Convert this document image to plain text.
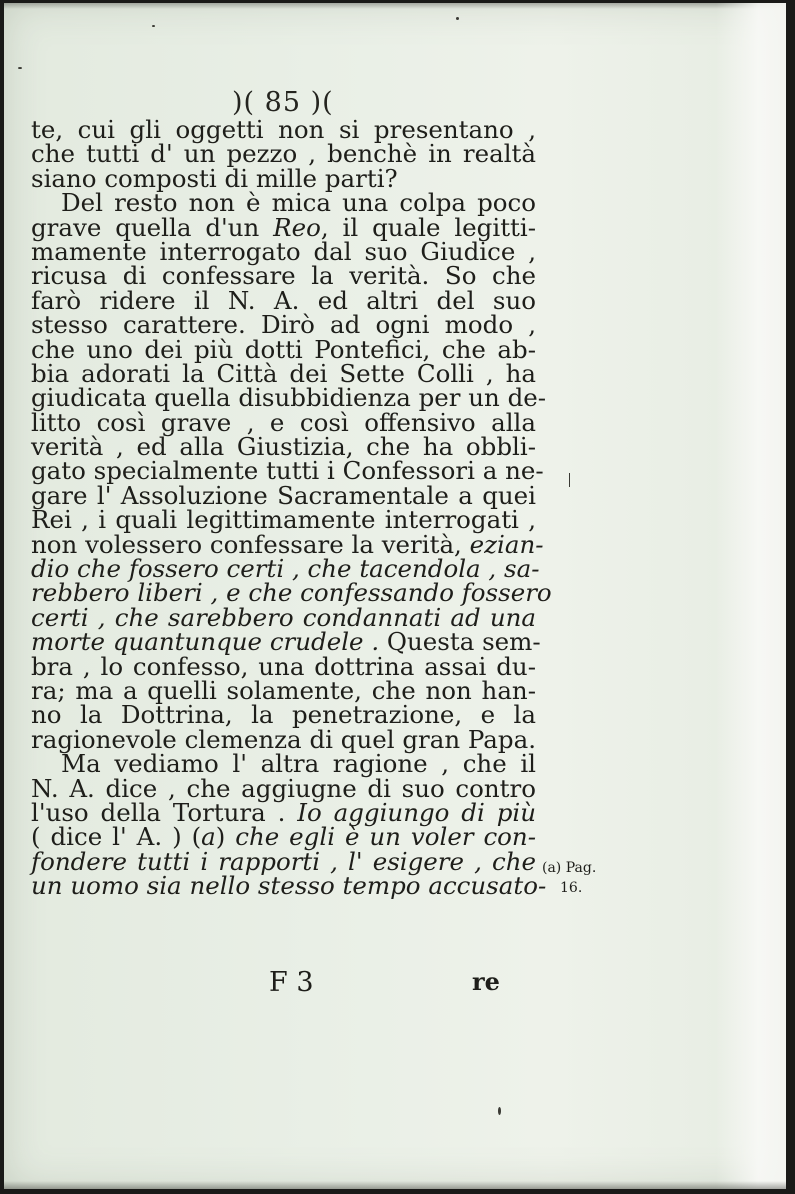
)( 85 )(
te, cui gli oggetti non si presentano ,
che tutti d' un pezzo , benchè in realtà
siano composti di mille parti?
Del resto non è mica una colpa poco
grave quella d'un Reo, il quale legitti-
mamente interrogato dal suo Giudice ,
ricusa di confessare la verità. So che
farò ridere il N. A. ed altri del suo
stesso carattere. Dirò ad ogni modo ,
che uno dei più dotti Pontefici, che ab-
bia adorati la Città dei Sette Colli , ha
giudicata quella disubbidienza per un de-
litto così grave , e così offensivo alla
verità , ed alla Giustizia, che ha obbli-
gato specialmente tutti i Confessori a ne-
gare l' Assoluzione Sacramentale a quei
Rei , i quali legittimamente interrogati ,
non volessero confessare la verità, ezian-
dio che fossero certi , che tacendola , sa-
rebbero liberi , e che confessando fossero
certi , che sarebbero condannati ad una
morte quantunque crudele . Questa sem-
bra , lo confesso, una dottrina assai du-
ra; ma a quelli solamente, che non han-
no la Dottrina, la penetrazione, e la
ragionevole clemenza di quel gran Papa.
Ma vediamo l' altra ragione , che il
N. A. dice , che aggiugne di suo contro
l'uso della Tortura . Io aggiungo di più
( dice l' A. ) (a) che egli è un voler con-
fondere tutti i rapporti , l' esigere , che
un uomo sia nello stesso tempo accusato-
(a) Pag.
16.
F 3	re
